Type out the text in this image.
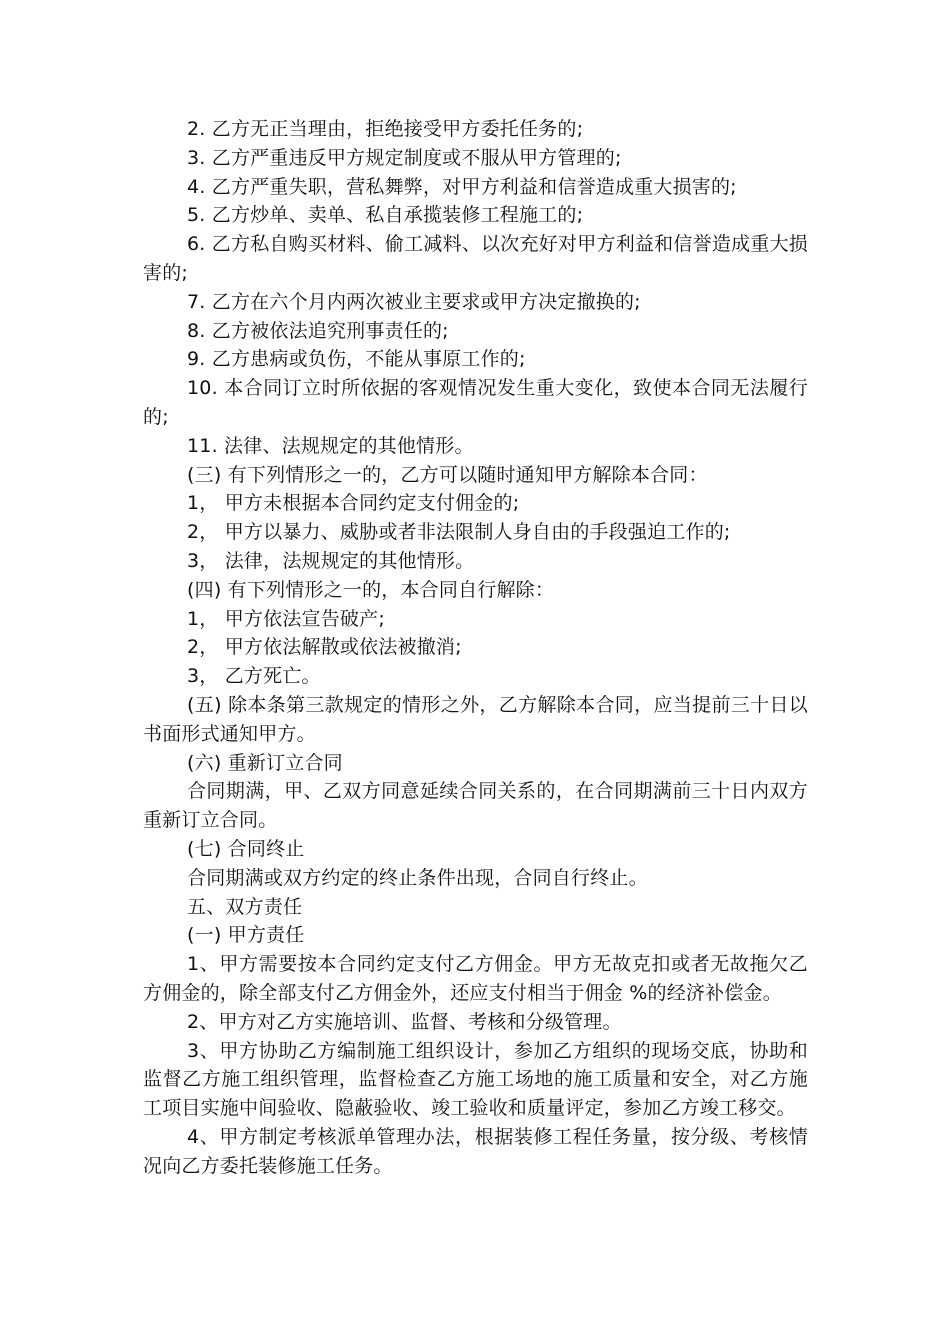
2. 乙方无正当理由，拒绝接受甲方委托任务的;

3. 乙方严重违反甲方规定制度或不服从甲方管理的;

4. 乙方严重失职，营私舞弊，对甲方利益和信誉造成重大损害的;

5. 乙方炒单、卖单、私自承揽装修工程施工的;

6. 乙方私自购买材料、偷工减料、以次充好对甲方利益和信誉造成重大损害的;

7. 乙方在六个月内两次被业主要求或甲方决定撤换的;

8. 乙方被依法追究刑事责任的;

9. 乙方患病或负伤，不能从事原工作的;

10. 本合同订立时所依据的客观情况发生重大变化，致使本合同无法履行的;

11. 法律、法规规定的其他情形。

(三) 有下列情形之一的，乙方可以随时通知甲方解除本合同：

1， 甲方未根据本合同约定支付佣金的;

2， 甲方以暴力、威胁或者非法限制人身自由的手段强迫工作的;

3， 法律，法规规定的其他情形。

(四) 有下列情形之一的，本合同自行解除：

1， 甲方依法宣告破产;

2， 甲方依法解散或依法被撤消;

3， 乙方死亡。

(五) 除本条第三款规定的情形之外，乙方解除本合同，应当提前三十日以书面形式通知甲方。

(六) 重新订立合同

合同期满，甲、乙双方同意延续合同关系的，在合同期满前三十日内双方重新订立合同。

(七) 合同终止

合同期满或双方约定的终止条件出现，合同自行终止。

五、双方责任

(一) 甲方责任

1、甲方需要按本合同约定支付乙方佣金。甲方无故克扣或者无故拖欠乙方佣金的，除全部支付乙方佣金外，还应支付相当于佣金 %的经济补偿金。

2、甲方对乙方实施培训、监督、考核和分级管理。

3、甲方协助乙方编制施工组织设计，参加乙方组织的现场交底，协助和监督乙方施工组织管理，监督检查乙方施工场地的施工质量和安全，对乙方施工项目实施中间验收、隐蔽验收、竣工验收和质量评定，参加乙方竣工移交。

4、甲方制定考核派单管理办法，根据装修工程任务量，按分级、考核情况向乙方委托装修施工任务。
